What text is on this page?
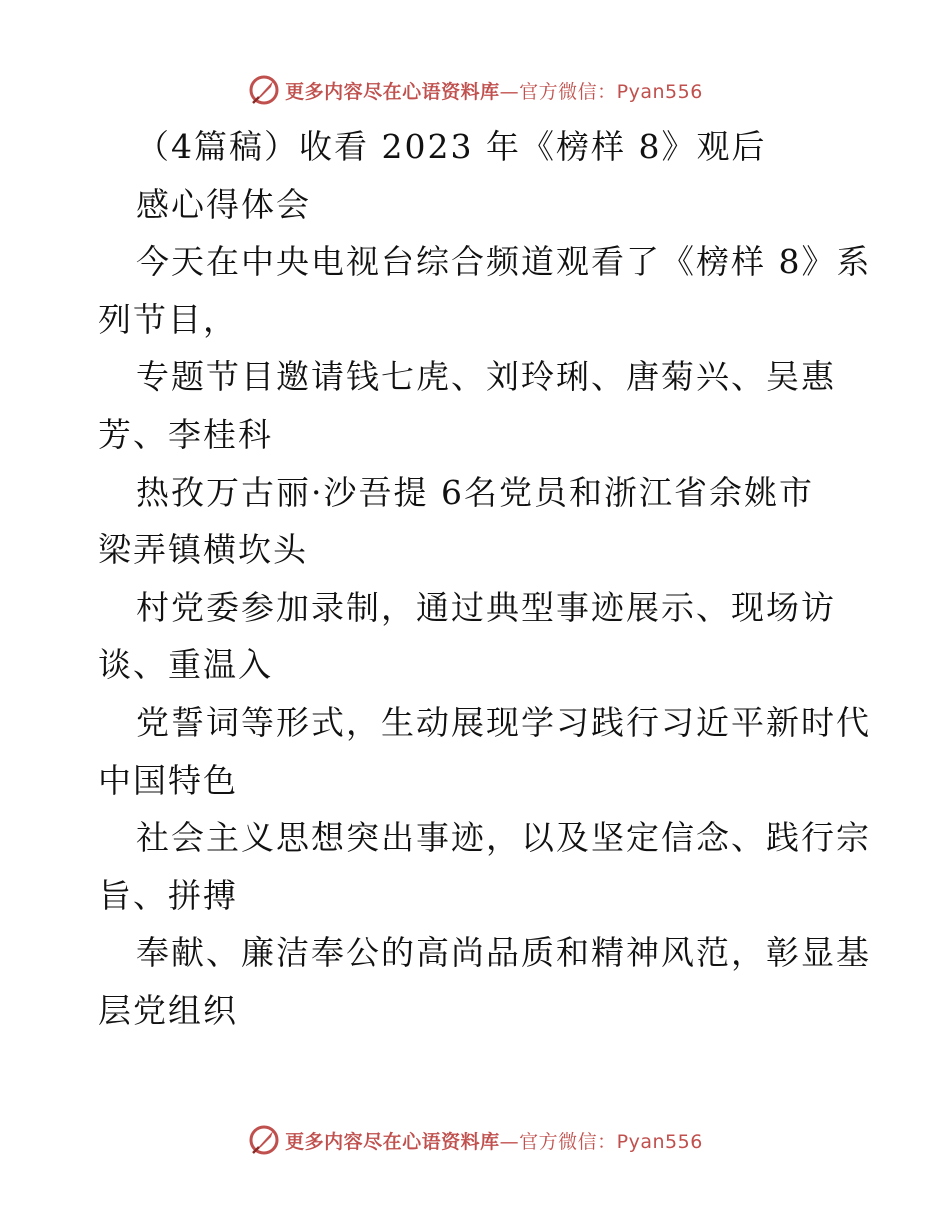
更多内容尽在心语资料库—官方微信：Pyan556
（4篇稿）收看 2023 年《榜样 8》观后
感心得体会
今天在中央电视台综合频道观看了《榜样 8》系
列节目，
专题节目邀请钱七虎、刘玲琍、唐菊兴、吴惠
芳、李桂科
热孜万古丽·沙吾提 6名党员和浙江省余姚市
梁弄镇横坎头
村党委参加录制，通过典型事迹展示、现场访
谈、重温入
党誓词等形式，生动展现学习践行习近平新时代
中国特色
社会主义思想突出事迹，以及坚定信念、践行宗
旨、拼搏
奉献、廉洁奉公的高尚品质和精神风范，彰显基
层党组织
更多内容尽在心语资料库—官方微信：Pyan556
